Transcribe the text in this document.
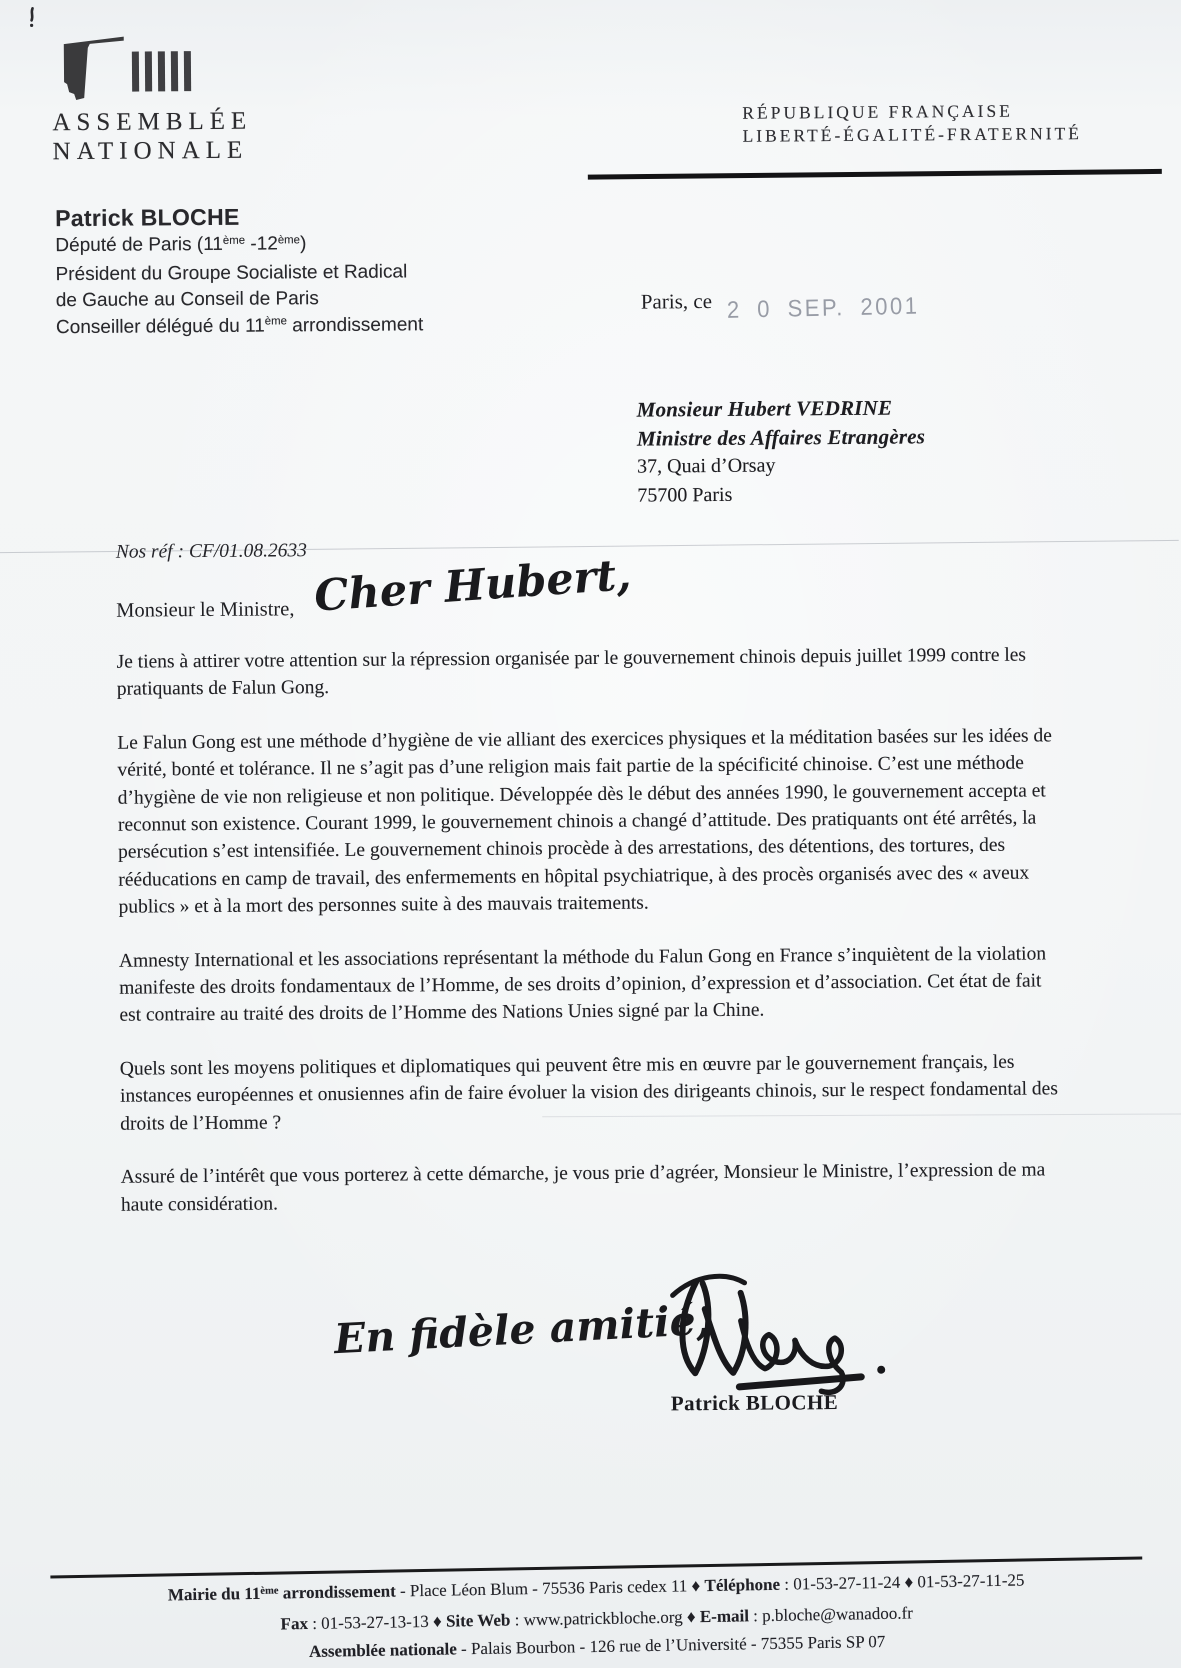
ASSEMBLÉE
NATIONALE
RÉPUBLIQUE FRANÇAISE
LIBERTÉ-ÉGALITÉ-FRATERNITÉ
Patrick BLOCHE
Député de Paris (11ème -12ème)
Président du Groupe Socialiste et Radical
de Gauche au Conseil de Paris
Conseiller délégué du 11ème arrondissement
Paris, ce 2 0 SEP. 2001
Monsieur Hubert VEDRINE
Ministre des Affaires Etrangères
37, Quai d’Orsay
75700 Paris
Nos réf : CF/01.08.2633
Monsieur le Ministre, Cher Hubert,

Je tiens à attirer votre attention sur la répression organisée par le gouvernement chinois depuis juillet 1999 contre les pratiquants de Falun Gong.

Le Falun Gong est une méthode d’hygiène de vie alliant des exercices physiques et la méditation basées sur les idées de vérité, bonté et tolérance. Il ne s’agit pas d’une religion mais fait partie de la spécificité chinoise. C’est une méthode d’hygiène de vie non religieuse et non politique. Développée dès le début des années 1990, le gouvernement accepta et reconnut son existence. Courant 1999, le gouvernement chinois a changé d’attitude. Des pratiquants ont été arrêtés, la persécution s’est intensifiée. Le gouvernement chinois procède à des arrestations, des détentions, des tortures, des rééducations en camp de travail, des enfermements en hôpital psychiatrique, à des procès organisés avec des « aveux publics » et à la mort des personnes suite à des mauvais traitements.

Amnesty International et les associations représentant la méthode du Falun Gong en France s’inquiètent de la violation manifeste des droits fondamentaux de l’Homme, de ses droits d’opinion, d’expression et d’association. Cet état de fait est contraire au traité des droits de l’Homme des Nations Unies signé par la Chine.

Quels sont les moyens politiques et diplomatiques qui peuvent être mis en œuvre par le gouvernement français, les instances européennes et onusiennes afin de faire évoluer la vision des dirigeants chinois, sur le respect fondamental des droits de l’Homme ?

Assuré de l’intérêt que vous porterez à cette démarche, je vous prie d’agréer, Monsieur le Ministre, l’expression de ma haute considération.

En fidèle amitié,
Patrick BLOCHE
Mairie du 11ème arrondissement - Place Léon Blum - 75536 Paris cedex 11 ♦ Téléphone : 01-53-27-11-24 ♦ 01-53-27-11-25
Fax : 01-53-27-13-13 ♦ Site Web : www.patrickbloche.org ♦ E-mail : p.bloche@wanadoo.fr
Assemblée nationale - Palais Bourbon - 126 rue de l’Université - 75355 Paris SP 07
